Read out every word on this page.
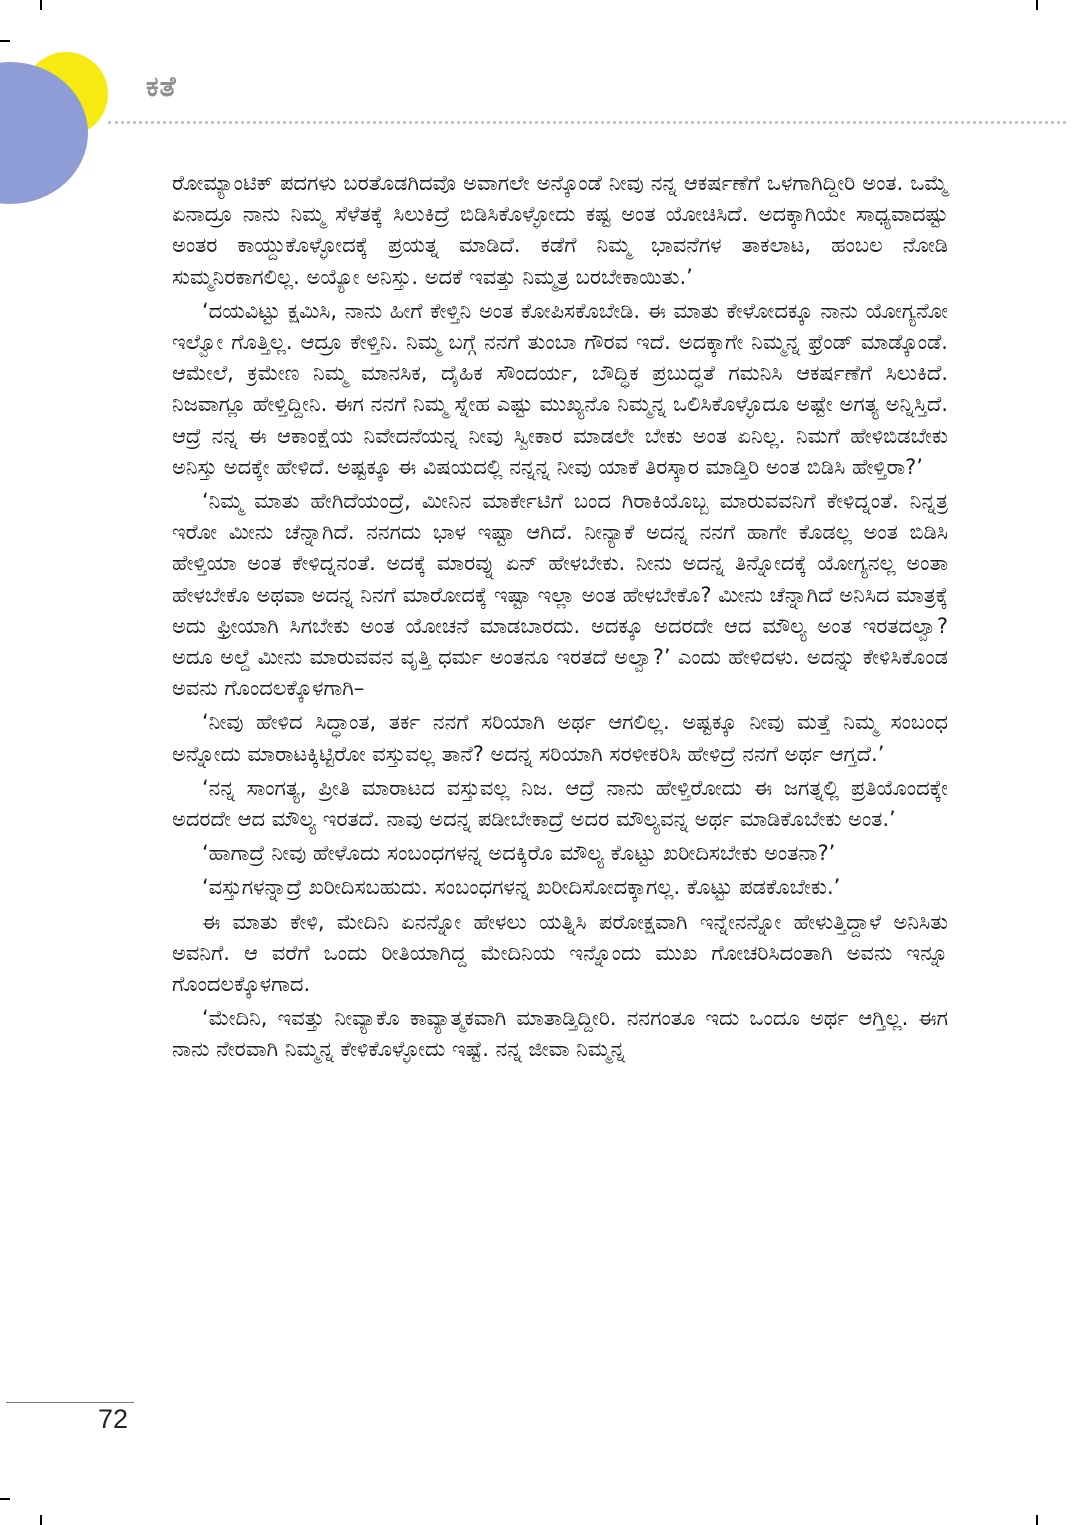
ಕತೆ

ರೋಮ್ಯಾಂಟಿಕ್ ಪದಗಳು ಬರತೊಡಗಿದವೊ ಅವಾಗಲೇ ಅನ್ಕೊಂಡೆ ನೀವು ನನ್ನ ಆಕರ್ಷಣೆಗೆ ಒಳಗಾಗಿದ್ದೀರಿ ಅಂತ. ಒಮ್ಮೆ ಏನಾದ್ರೂ ನಾನು ನಿಮ್ಮ ಸೆಳೆತಕ್ಕೆ ಸಿಲುಕಿದ್ರೆ ಬಿಡಿಸಿಕೊಳ್ಳೋದು ಕಷ್ಟ ಅಂತ ಯೋಚಿಸಿದೆ. ಅದಕ್ಕಾಗಿಯೇ ಸಾಧ್ಯವಾದಷ್ಟು ಅಂತರ ಕಾಯ್ದುಕೊಳ್ಳೋದಕ್ಕೆ ಪ್ರಯತ್ನ ಮಾಡಿದೆ. ಕಡೆಗೆ ನಿಮ್ಮ ಭಾವನೆಗಳ ತಾಕಲಾಟ, ಹಂಬಲ ನೋಡಿ ಸುಮ್ಮನಿರಕಾಗಲಿಲ್ಲ. ಅಯ್ಯೋ ಅನಿಸ್ತು. ಅದಕೆ ಇವತ್ತು ನಿಮ್ಮತ್ರ ಬರಬೇಕಾಯಿತು.’

‘ದಯವಿಟ್ಟು ಕ್ಷಮಿಸಿ, ನಾನು ಹೀಗೆ ಕೇಳ್ತಿನಿ ಅಂತ ಕೋಪಿಸಕೊಬೇಡಿ. ಈ ಮಾತು ಕೇಳೋದಕ್ಕೂ ನಾನು ಯೋಗ್ಯನೋ ಇಲ್ವೋ ಗೊತ್ತಿಲ್ಲ. ಆದ್ರೂ ಕೇಳ್ತಿನಿ. ನಿಮ್ಮ ಬಗ್ಗೆ ನನಗೆ ತುಂಬಾ ಗೌರವ ಇದೆ. ಅದಕ್ಕಾಗೇ ನಿಮ್ಮನ್ನ ಫ್ರೆಂಡ್ ಮಾಡ್ಕೊಂಡೆ. ಆಮೇಲೆ, ಕ್ರಮೇಣ ನಿಮ್ಮ ಮಾನಸಿಕ, ದೈಹಿಕ ಸೌಂದರ್ಯ, ಬೌದ್ಧಿಕ ಪ್ರಬುದ್ಧತೆ ಗಮನಿಸಿ ಆಕರ್ಷಣೆಗೆ ಸಿಲುಕಿದೆ. ನಿಜವಾಗ್ಲೂ ಹೇಳ್ತಿದ್ದೀನಿ. ಈಗ ನನಗೆ ನಿಮ್ಮ ಸ್ನೇಹ ಎಷ್ಟು ಮುಖ್ಯನೊ ನಿಮ್ಮನ್ನ ಒಲಿಸಿಕೊಳ್ಳೊದೂ ಅಷ್ಟೇ ಅಗತ್ಯ ಅನ್ನಿಸ್ತಿದೆ. ಆದ್ರೆ ನನ್ನ ಈ ಆಕಾಂಕ್ಷೆಯ ನಿವೇದನೆಯನ್ನ ನೀವು ಸ್ವೀಕಾರ ಮಾಡಲೇ ಬೇಕು ಅಂತ ಏನಿಲ್ಲ. ನಿಮಗೆ ಹೇಳಿಬಿಡಬೇಕು ಅನಿಸ್ತು ಅದಕ್ಕೇ ಹೇಳಿದೆ. ಅಷ್ಟಕ್ಕೂ ಈ ವಿಷಯದಲ್ಲಿ ನನ್ನನ್ನ ನೀವು ಯಾಕೆ ತಿರಸ್ಕಾರ ಮಾಡ್ತಿರಿ ಅಂತ ಬಿಡಿಸಿ ಹೇಳ್ತಿರಾ?’

‘ನಿಮ್ಮ ಮಾತು ಹೇಗಿದೆಯಂದ್ರೆ, ಮೀನಿನ ಮಾರ್ಕೇಟಿಗೆ ಬಂದ ಗಿರಾಕಿಯೊಬ್ಬ ಮಾರುವವನಿಗೆ ಕೇಳಿದ್ನಂತೆ. ನಿನ್ನತ್ರ ಇರೋ ಮೀನು ಚೆನ್ನಾಗಿದೆ. ನನಗದು ಭಾಳ ಇಷ್ಟಾ ಆಗಿದೆ. ನೀನ್ಯಾಕೆ ಅದನ್ನ ನನಗೆ ಹಾಗೇ ಕೊಡಲ್ಲ ಅಂತ ಬಿಡಿಸಿ ಹೇಳ್ತಿಯಾ ಅಂತ ಕೇಳಿದ್ನನಂತೆ. ಅದಕ್ಕೆ ಮಾರವ್ನು ಏನ್ ಹೇಳಬೇಕು. ನೀನು ಅದನ್ನ ತಿನ್ನೋದಕ್ಕೆ ಯೋಗ್ಯನಲ್ಲ ಅಂತಾ ಹೇಳಬೇಕೊ ಅಥವಾ ಅದನ್ನ ನಿನಗೆ ಮಾರೋದಕ್ಕೆ ಇಷ್ಟಾ ಇಲ್ಲಾ ಅಂತ ಹೇಳಬೇಕೊ? ಮೀನು ಚೆನ್ನಾಗಿದೆ ಅನಿಸಿದ ಮಾತ್ರಕ್ಕೆ ಅದು ಫ್ರೀಯಾಗಿ ಸಿಗಬೇಕು ಅಂತ ಯೋಚನೆ ಮಾಡಬಾರದು. ಅದಕ್ಕೂ ಅದರದೇ ಆದ ಮೌಲ್ಯ ಅಂತ ಇರತದಲ್ವಾ? ಅದೂ ಅಲ್ದೆ ಮೀನು ಮಾರುವವನ ವೃತ್ತಿ ಧರ್ಮ ಅಂತನೂ ಇರತದೆ ಅಲ್ವಾ?’ ಎಂದು ಹೇಳಿದಳು. ಅದನ್ನು ಕೇಳಿಸಿಕೊಂಡ ಅವನು ಗೊಂದಲಕ್ಕೊಳಗಾಗಿ–

‘ನೀವು ಹೇಳಿದ ಸಿದ್ಧಾಂತ, ತರ್ಕ ನನಗೆ ಸರಿಯಾಗಿ ಅರ್ಥ ಆಗಲಿಲ್ಲ. ಅಷ್ಟಕ್ಕೂ ನೀವು ಮತ್ತೆ ನಿಮ್ಮ ಸಂಬಂಧ ಅನ್ನೋದು ಮಾರಾಟಕ್ಕಿಟ್ಟಿರೋ ವಸ್ತುವಲ್ಲ ತಾನೆ? ಅದನ್ನ ಸರಿಯಾಗಿ ಸರಳೀಕರಿಸಿ ಹೇಳಿದ್ರೆ ನನಗೆ ಅರ್ಥ ಆಗ್ತದೆ.’

‘ನನ್ನ ಸಾಂಗತ್ಯ, ಪ್ರೀತಿ ಮಾರಾಟದ ವಸ್ತುವಲ್ಲ ನಿಜ. ಆದ್ರೆ ನಾನು ಹೇಳ್ತಿರೋದು ಈ ಜಗತ್ನಲ್ಲಿ ಪ್ರತಿಯೊಂದಕ್ಕೇ ಅದರದೇ ಆದ ಮೌಲ್ಯ ಇರತದೆ. ನಾವು ಅದನ್ನ ಪಡೀಬೇಕಾದ್ರೆ ಅದರ ಮೌಲ್ಯವನ್ನ ಅರ್ಥ ಮಾಡಿಕೊಬೇಕು ಅಂತ.’

‘ಹಾಗಾದ್ರೆ ನೀವು ಹೇಳೊದು ಸಂಬಂಧಗಳನ್ನ ಅದಕ್ಕಿರೊ ಮೌಲ್ಯ ಕೊಟ್ಟು ಖರೀದಿಸಬೇಕು ಅಂತನಾ?’

‘ವಸ್ತುಗಳನ್ನಾದ್ರೆ ಖರೀದಿಸಬಹುದು. ಸಂಬಂಧಗಳನ್ನ ಖರೀದಿಸೋದಕ್ಕಾಗಲ್ಲ. ಕೊಟ್ಟು ಪಡಕೊಬೇಕು.’

ಈ ಮಾತು ಕೇಳಿ, ಮೇದಿನಿ ಏನನ್ನೋ ಹೇಳಲು ಯತ್ನಿಸಿ ಪರೋಕ್ಷವಾಗಿ ಇನ್ನೇನನ್ನೋ ಹೇಳುತ್ತಿದ್ದಾಳೆ ಅನಿಸಿತು ಅವನಿಗೆ. ಆ ವರೆಗೆ ಒಂದು ರೀತಿಯಾಗಿದ್ದ ಮೇದಿನಿಯ ಇನ್ನೊಂದು ಮುಖ ಗೋಚರಿಸಿದಂತಾಗಿ ಅವನು ಇನ್ನೂ ಗೊಂದಲಕ್ಕೊಳಗಾದ.

‘ಮೇದಿನಿ, ಇವತ್ತು ನೀವ್ಯಾಕೊ ಕಾವ್ಯಾತ್ಮಕವಾಗಿ ಮಾತಾಡ್ತಿದ್ದೀರಿ. ನನಗಂತೂ ಇದು ಒಂದೂ ಅರ್ಥ ಆಗ್ತಿಲ್ಲ. ಈಗ ನಾನು ನೇರವಾಗಿ ನಿಮ್ಮನ್ನ ಕೇಳಿಕೊಳ್ಳೋದು ಇಷ್ಟೆ. ನನ್ನ ಜೀವಾ ನಿಮ್ಮನ್ನ

72
